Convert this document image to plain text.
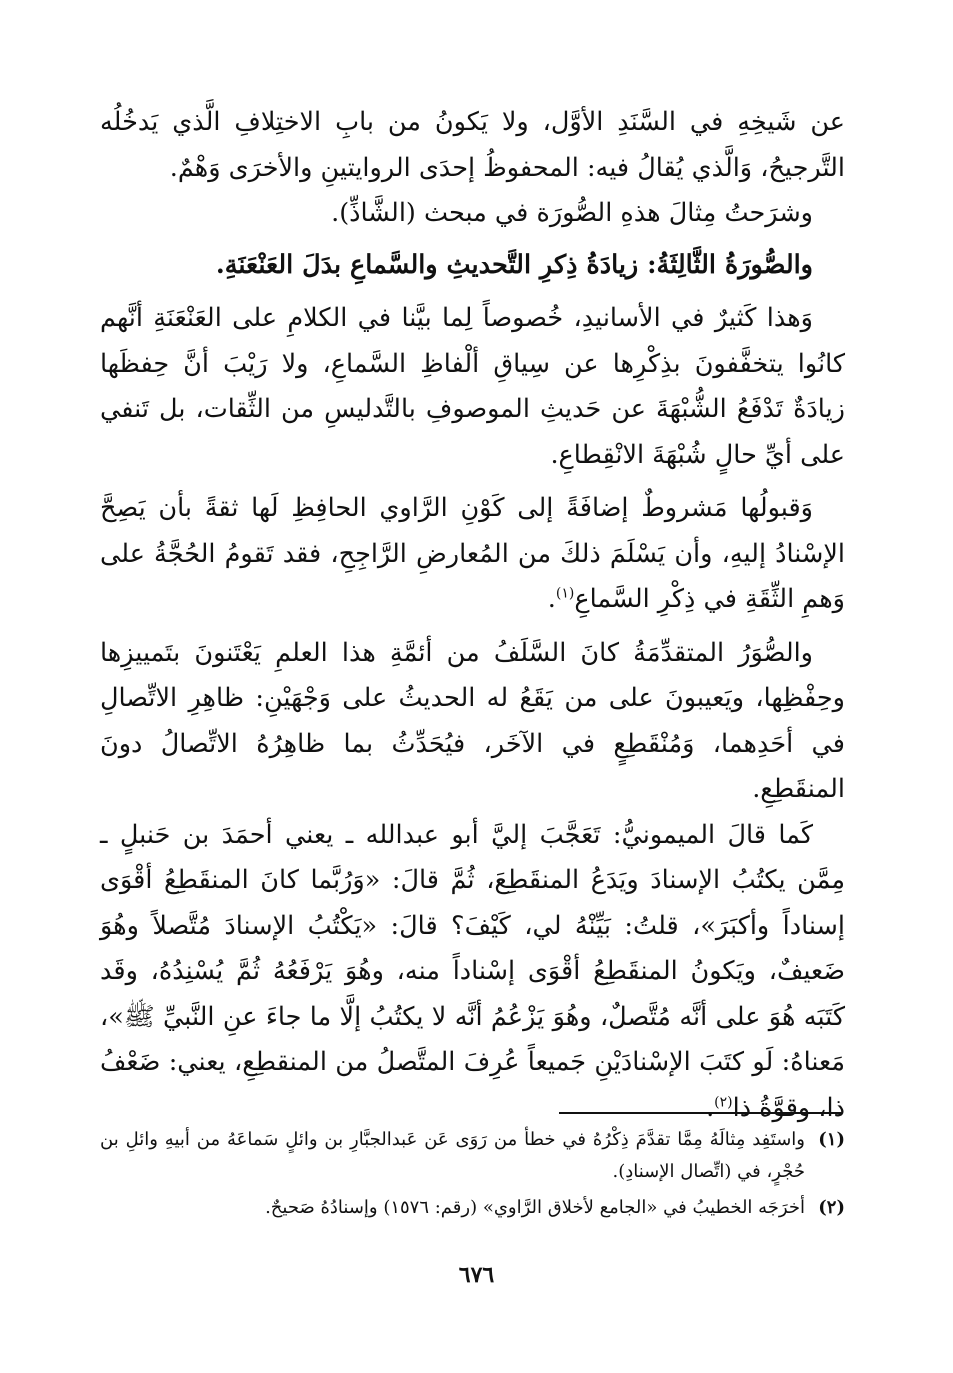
عن شَيخِهِ في السَّنَدِ الأوَّل، ولا يَكونُ من بابِ الاختِلافِ الَّذي يَدخُلُه التَّرجيحُ، وَالَّذي يُقالُ فيه: المحفوظُ إحدَى الروايتينِ والأخرَى وَهْمٌ.

وشرَحتُ مِثالَ هذهِ الصُّورَة في مبحث (الشَّاذِّ).

والصُّورَةُ الثَّالِثَةُ: زيادَةُ ذِكرِ التَّحديثِ والسَّماعِ بدَلَ العَنْعَنَةِ.

وَهذا كَثيرٌ في الأسانيدِ، خُصوصاً لِما بيَّنا في الكلامِ على العَنْعَنَةِ أنَّهم كانُوا يتخفَّفونَ بذِكْرِها عن سِياقِ ألْفاظِ السَّماعِ، ولا رَيْبَ أنَّ حِفظَها زيادَةٌ تَدْفَعُ الشُّبْهَةَ عن حَديثِ الموصوفِ بالتَّدليسِ من الثِّقات، بل تَنفي على أيِّ حالٍ شُبْهَةَ الانْقِطاعِ.

وَقبولُها مَشروطٌ إضافَةً إلى كَوْنِ الرَّاوي الحافِظِ لَها ثقةً بأن يَصِحَّ الإسْنادُ إليهِ، وأن يَسْلَمَ ذلكَ من المُعارضِ الرَّاجِحِ، فقد تَقومُ الحُجَّةُ على وَهمِ الثِّقَةِ في ذِكْرِ السَّماعِ$^{(١)}$.

والصُّوَرُ المتقدِّمَةُ كانَ السَّلَفُ من أئمَّةِ هذا العلمِ يَعْتَنونَ بتَمييزِها وحِفْظِها، ويَعيبونَ على من يَقَعُ له الحديثُ على وَجْهَيْنِ: ظاهِرِ الاتِّصالِ في أحَدِهما، وَمُنْقَطِعٍ في الآخَر، فيُحَدِّثُ بما ظاهِرُهُ الاتِّصالُ دونَ المنقَطِعِ.

كَما قالَ الميمونيُّ: تَعَجَّبَ إليَّ أبو عبدالله ـ يعني أحمَدَ بن حَنبلٍ ـ مِمَّن يكتُبُ الإسنادَ ويَدَعُ المنقَطِعَ، ثُمَّ قالَ: «وَرُبَّما كانَ المنقَطِعُ أقْوَى إسناداً وأكبَرَ»، قلتُ: بَيِّنْهُ لي، كَيْفَ؟ قالَ: «يَكْتُبُ الإسنادَ مُتَّصلاً وهُوَ ضَعيفٌ، ويَكونُ المنقَطِعُ أقْوَى إسْناداً منه، وهُوَ يَرْفَعُهُ ثُمَّ يُسْنِدُهُ، وقَد كَتَبَه هُوَ على أنَّه مُتَّصلٌ، وهُوَ يَزْعُمُ أنَّه لا يكتُبُ إلَّا ما جاءَ عنِ النَّبيِّ ﷺ»، مَعناهُ: لَو كتَبَ الإسْنادَيْنِ جَميعاً عُرِفَ المتَّصلُ من المنقطِعِ، يعني: ضَعْفُ ذا، وقوَّةُ ذا$^{(٢)}$.

(١)
واستَفِد مِثالَهُ مِمَّا تقدَّمَ ذِكْرُهُ في خطأ من رَوَى عَن عَبدالجبَّارِ بن وائلٍ سَماعَهُ من أبيهِ وائلِ بن حُجْرٍ، في (اتِّصال الإسنادِ).
(٢)
أخرَجَه الخطيبُ في «الجامع لأخلاق الرَّاوي» (رقم: ١٥٧٦) وإسنادُهُ صَحيحٌ.
٦٧٦
